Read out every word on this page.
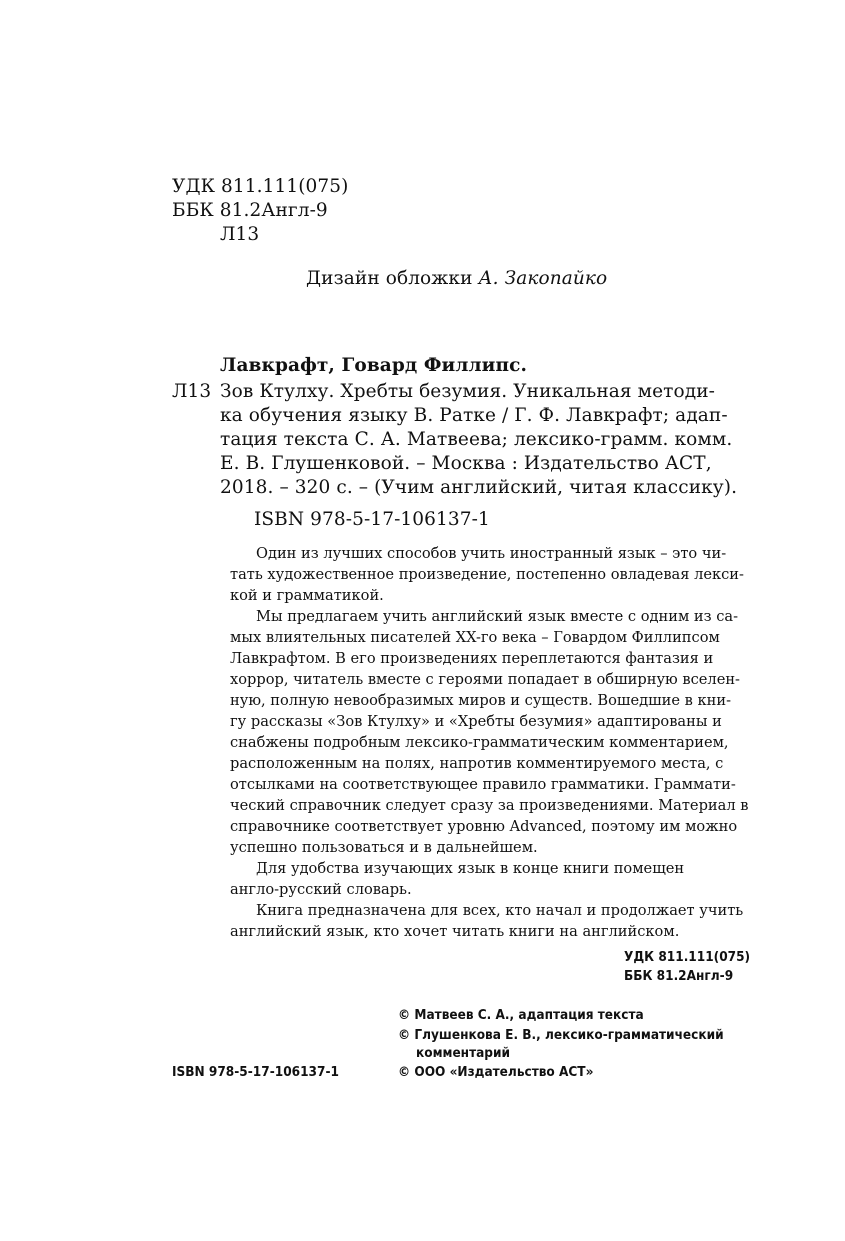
УДК 811.111(075)
ББК 81.2Англ-9
Л13
Дизайн обложки А. Закопайко
Лавкрафт, Говард Филлипс.
Л13 Зов Ктулху. Хребты безумия. Уникальная методи-
ка обучения языку В. Ратке / Г. Ф. Лавкрафт; адап-
тация текста С. А. Матвеева; лексико-грамм. комм.
Е. В. Глушенковой. – Москва : Издательство АСТ,
2018. – 320 с. – (Учим английский, читая классику).
ISBN 978-5-17-106137-1
Один из лучших способов учить иностранный язык – это чи-
тать художественное произведение, постепенно овладевая лекси-
кой и грамматикой.
Мы предлагаем учить английский язык вместе с одним из са-
мых влиятельных писателей XX-го века – Говардом Филлипсом
Лавкрафтом. В его произведениях переплетаются фантазия и
хоррор, читатель вместе с героями попадает в обширную вселен-
ную, полную невообразимых миров и существ. Вошедшие в кни-
гу рассказы «Зов Ктулху» и «Хребты безумия» адаптированы и
снабжены подробным лексико-грамматическим комментарием,
расположенным на полях, напротив комментируемого места, с
отсылками на соответствующее правило грамматики. Граммати-
ческий справочник следует сразу за произведениями. Материал в
справочнике соответствует уровню Advanced, поэтому им можно
успешно пользоваться и в дальнейшем.
Для удобства изучающих язык в конце книги помещен
англо-русский словарь.
Книга предназначена для всех, кто начал и продолжает учить
английский язык, кто хочет читать книги на английском.
УДК 811.111(075)
ББК 81.2Англ-9
© Матвеев С. А., адаптация текста
© Глушенкова Е. В., лексико-грамматический
комментарий
ISBN 978-5-17-106137-1	© ООО «Издательство АСТ»
